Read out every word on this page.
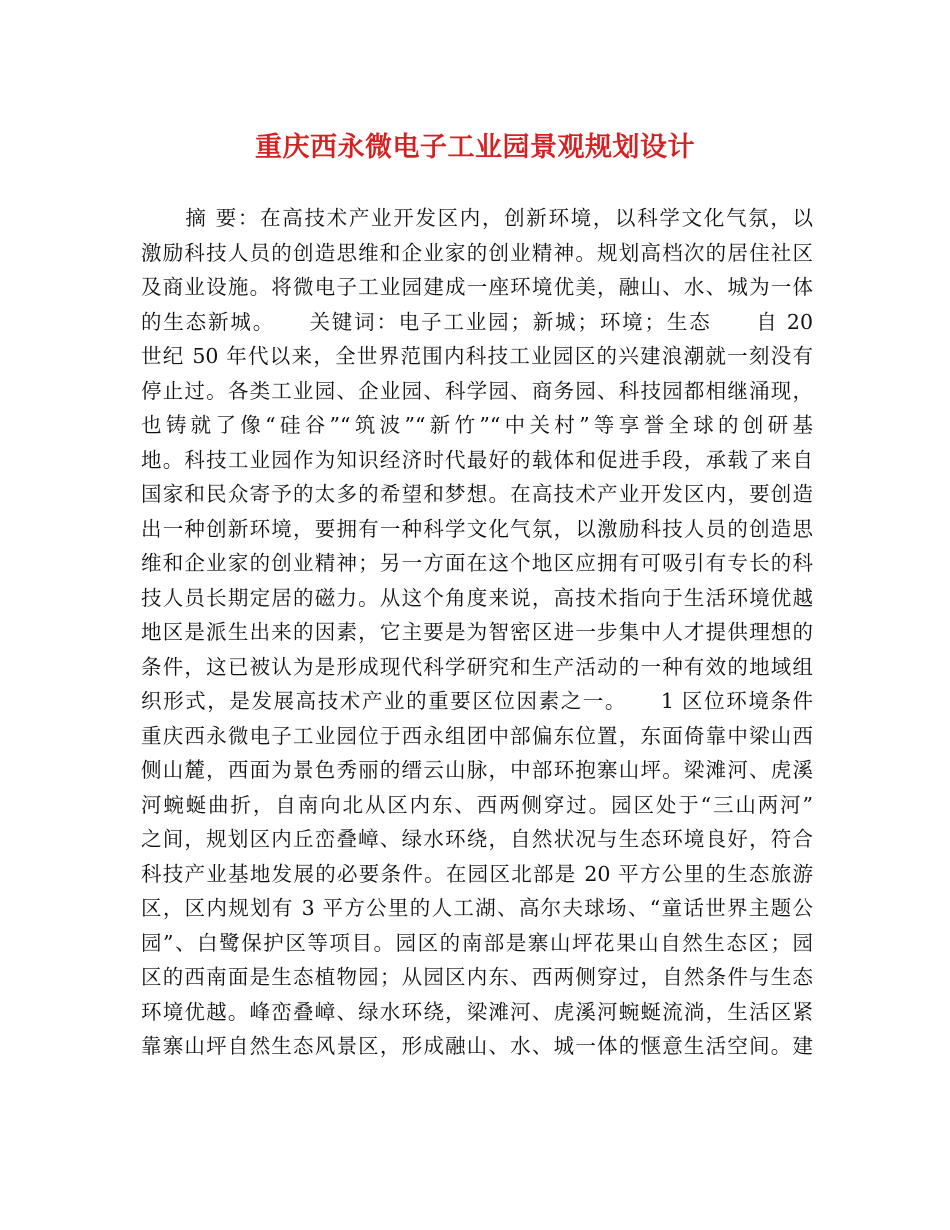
重庆西永微电子工业园景观规划设计
　　摘 要：在高技术产业开发区内，创新环境，以科学文化气氛，以
激励科技人员的创造思维和企业家的创业精神。规划高档次的居住社区
及商业设施。将微电子工业园建成一座环境优美，融山、水、城为一体
的生态新城。　　关键词：电子工业园；新城；环境；生态　　自 20
世纪 50 年代以来，全世界范围内科技工业园区的兴建浪潮就一刻没有
停止过。各类工业园、企业园、科学园、商务园、科技园都相继涌现，
也铸就了像“硅谷”“筑波”“新竹”“中关村”等享誉全球的创研基
地。科技工业园作为知识经济时代最好的载体和促进手段，承载了来自
国家和民众寄予的太多的希望和梦想。在高技术产业开发区内，要创造
出一种创新环境，要拥有一种科学文化气氛，以激励科技人员的创造思
维和企业家的创业精神；另一方面在这个地区应拥有可吸引有专长的科
技人员长期定居的磁力。从这个角度来说，高技术指向于生活环境优越
地区是派生出来的因素，它主要是为智密区进一步集中人才提供理想的
条件，这已被认为是形成现代科学研究和生产活动的一种有效的地域组
织形式，是发展高技术产业的重要区位因素之一。　　1 区位环境条件
重庆西永微电子工业园位于西永组团中部偏东位置，东面倚靠中梁山西
侧山麓，西面为景色秀丽的缙云山脉，中部环抱寨山坪。梁滩河、虎溪
河蜿蜒曲折，自南向北从区内东、西两侧穿过。园区处于“三山两河”
之间，规划区内丘峦叠嶂、绿水环绕，自然状况与生态环境良好，符合
科技产业基地发展的必要条件。在园区北部是 20 平方公里的生态旅游
区，区内规划有 3 平方公里的人工湖、高尔夫球场、“童话世界主题公
园”、白鹭保护区等项目。园区的南部是寨山坪花果山自然生态区；园
区的西南面是生态植物园；从园区内东、西两侧穿过，自然条件与生态
环境优越。峰峦叠嶂、绿水环绕，梁滩河、虎溪河蜿蜒流淌，生活区紧
靠寨山坪自然生态风景区，形成融山、水、城一体的惬意生活空间。建
